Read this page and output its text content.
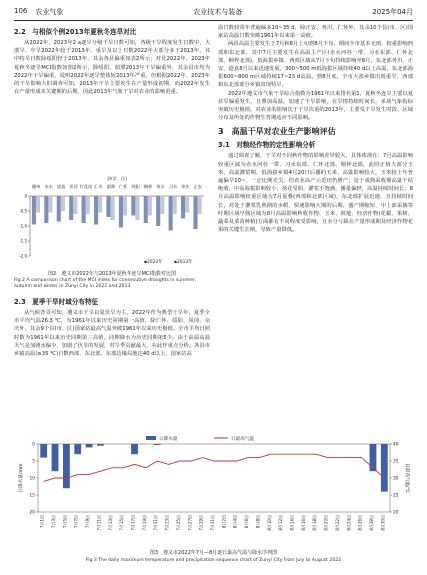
106 农业气象	农业技术与装备	2025年04月
2.2　与相似个例2013年夏秋冬连旱对比

从2022年、2023年2 a逐旱分级干旱日数可知，各级干旱程度发生日数中，大部旱、中旱2022年较于2013年，重旱及以上日数2022年大部分多于2013年，其中特旱日数除绥阳轻于2013年，其余各县偏重如表2所示；对比2022年、2023年夏秋冬逐旱MCI指数如图2所示，除绥阳、湄潭2013年干旱偏重外，其余县市均为2022年干旱偏重，说明2022年逐旱整体较2013年严重。但根据2022年、2023年的干旱影响大旧调查可知，2013年干旱主要发生在产量形成初期，而2022年发生在产量形成末关键期的后期，因此2013年气象干旱对农业的影响更重。

县(市、区)
播州 赤水 道真 凤冈 红花岗 汇川 湄潭 仁怀 绥阳 桐梓 务川 习水 余庆 正安
0
-0.5
-1.0
-1.5
-2.0
▪2022年	▪2013年

图2　遵义市2022年与2013年夏秋冬连旱MCI指数对比图

Fig.2 A comparison chart of the MCI index for consecutive droughts in summer, autumn and winter in Zunyi City in 2022 and 2013

2.3　夏季干旱时域分布特征

从气候背景可知，遵义市干旱以夏伏旱为主，2022年作为典型干旱年，夏季全市平均气温26.3 ℃，为1961年以来历史同期第一高值，除仁怀、绥阳、凤冈、余庆外，其余9个县(市、区)国家站最高气温突破1961年以来历史极值。全市平均日照时数为1961年以来历史同期第三高值，同期降水为历史同期第5少。由于高温高温天气是加剧水偏少，加剧了伏旱的发展，对旱季贡献最大，在此作重点分析。各县市乡镇高温(≥35 ℃)日数西部、东北部、东部边缘局地达40 d以上，国家站高

温日数较常年普遍偏多10~35 d，除正安、务川、仁怀外，其余10个县(市、区)国家站高温日数突破1961年以来第一高值。

两段高温主要发生于7月和8月上旬到8月下旬，期间全市基本无雨，较重影响西部和东北部，其中7月主要发生在高温主产区(赤水河谷一带、习水东部、仁怀北部、桐梓北部)，低海拔乡镇、西部区域从7月下旬持续影响至8月，东北部务川、正安、道真8月以来迅速发展。300~500 m低海拔区域持续40 d以上高温，东北部海拔600~800 m区域持续17~23 d高温。到8月底，全市大部乡镇出现重旱，西部和东北部部分乡镇出现特旱。

2022年遵义市气象干旱综合指数为1961年以来排名第1，夏秋冬连旱主要以夏伏旱偏重发生，且叠加高温，加速了干旱影响，在旱情持续时间长，多项气象指标突破历史极值。对农业的影响次于干旱次重的2013年，主要受干旱发生时段、区域分布及所处的作物生育期适应不同影响。

3　高温干旱对农业生产影响评估
3.1　对粮经作物的定性影响分析

通过调查了解，干旱对不同秋作物的影响差异较大，具体体现在：7月高温影响较重区域为赤水河谷一带、习水东部、仁怀北部、桐梓北部，此时正值大部分玉米、高粱灌浆期，低海拔乡镇4月20日后播的玉米、高粱影响较大，玉米较上年普遍偏早10~，一定比例壳尖、但农业高产示范田仍增产；处于成熟采收期高粱干枯绝收，中高海拔影响较小，扬花受阻，灌浆不饱满，播量偏轻，高温持续时间长；8月高温影响较重区域为7月夏叠(西部和北部区域)，东北部扩展迅速，且持续时间长，对处于灌浆乳熟期的水稻，快速影响大期的后期、盛产期缩短、中上部采摘等叶期区域早熟区域为8月高温影响秋收作物、玉米、坡地、经济作物(花椒、果树、蔬菜及菜苗种植)方面都有不同程度受影响，且水分亏缺在产量形成期及经济作物花果的关键生长期，导致产量降低。

20
15
10
5
0
日降水量/mm
40
35
30
25
20
日最高气温/℃
7月1日 7月3日 7月5日 7月7日 7月9日 7月11日 7月13日 7月15日 7月17日 7月19日 7月21日 7月23日 7月25日 7月27日 7月29日 7月31日 8月2日 8月4日 8月6日 8月8日 8月10日 8月12日 8月14日 8月16日 8月18日 8月20日 8月22日 8月24日 8月26日 8月28日 8月30日
日降水量	日最高气温

图3　遵义市2022年7月—8月逐日最高气温与降水序列图

Fig.3 The daily maximum temperature and precipitation sequence chart of Zunyi City from July to August 2022
